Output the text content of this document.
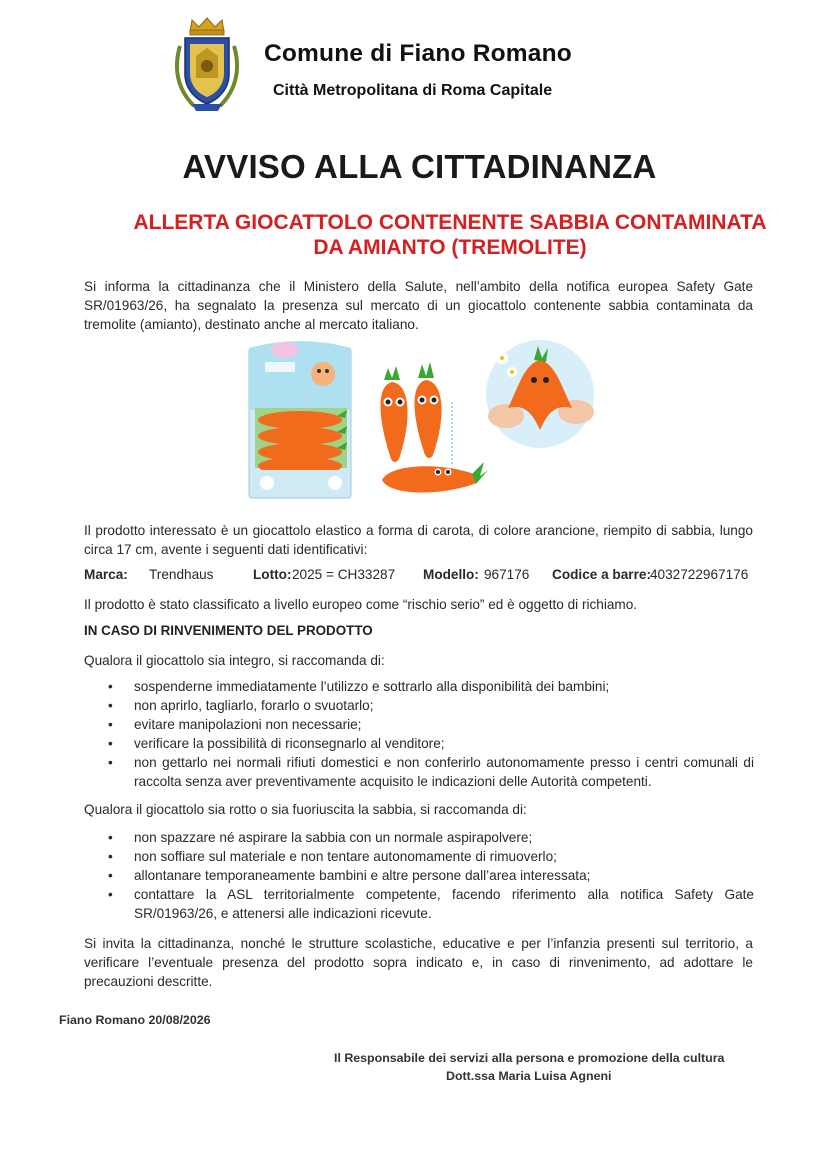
Comune di Fiano Romano
Città Metropolitana di Roma Capitale
AVVISO ALLA CITTADINANZA
ALLERTA GIOCATTOLO CONTENENTE SABBIA CONTAMINATA
DA AMIANTO (TREMOLITE)

Si informa la cittadinanza che il Ministero della Salute, nell’ambito della notifica europea Safety Gate SR/01963/26, ha segnalato la presenza sul mercato di un giocattolo contenente sabbia contaminata da tremolite (amianto), destinato anche al mercato italiano.

Il prodotto interessato è un giocattolo elastico a forma di carota, di colore arancione, riempito di sabbia, lungo circa 17 cm, avente i seguenti dati identificativi:

Marca: Trendhaus	Lotto: 2025 = CH33287 Modello: 967176 Codice a barre: 4032722967176

Il prodotto è stato classificato a livello europeo come “rischio serio” ed è oggetto di richiamo.

IN CASO DI RINVENIMENTO DEL PRODOTTO

Qualora il giocattolo sia integro, si raccomanda di:

• sospenderne immediatamente l’utilizzo e sottrarlo alla disponibilità dei bambini;
• non aprirlo, tagliarlo, forarlo o svuotarlo;
• evitare manipolazioni non necessarie;
• verificare la possibilità di riconsegnarlo al venditore;
• non gettarlo nei normali rifiuti domestici e non conferirlo autonomamente presso i centri comunali di raccolta senza aver preventivamente acquisito le indicazioni delle Autorità competenti.

Qualora il giocattolo sia rotto o sia fuoriuscita la sabbia, si raccomanda di:

• non spazzare né aspirare la sabbia con un normale aspirapolvere;
• non soffiare sul materiale e non tentare autonomamente di rimuoverlo;
• allontanare temporaneamente bambini e altre persone dall’area interessata;
• contattare la ASL territorialmente competente, facendo riferimento alla notifica Safety Gate SR/01963/26, e attenersi alle indicazioni ricevute.

Si invita la cittadinanza, nonché le strutture scolastiche, educative e per l’infanzia presenti sul territorio, a verificare l’eventuale presenza del prodotto sopra indicato e, in caso di rinvenimento, ad adottare le precauzioni descritte.

Fiano Romano 20/08/2026
Il Responsabile dei servizi alla persona e promozione della cultura
Dott.ssa Maria Luisa Agneni
